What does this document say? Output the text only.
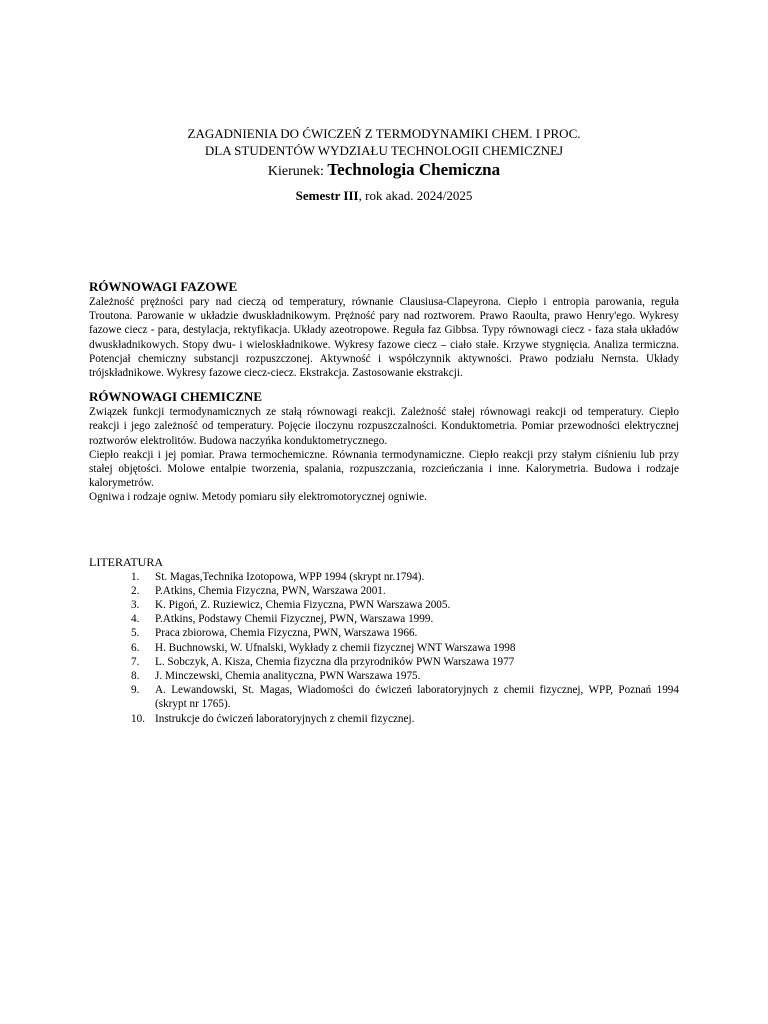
ZAGADNIENIA DO ĆWICZEŃ Z TERMODYNAMIKI CHEM. I PROC.
DLA STUDENTÓW WYDZIAŁU TECHNOLOGII CHEMICZNEJ
Kierunek: Technologia Chemiczna
Semestr III, rok akad. 2024/2025

RÓWNOWAGI FAZOWE

Zależność prężności pary nad cieczą od temperatury, równanie Clausiusa-Clapeyrona. Ciepło i entropia parowania, reguła Troutona. Parowanie w układzie dwuskładnikowym. Prężność pary nad roztworem. Prawo Raoulta, prawo Henry'ego. Wykresy fazowe ciecz - para, destylacja, rektyfikacja. Układy azeotropowe. Reguła faz Gibbsa. Typy równowagi ciecz - faza stała układów dwuskładnikowych. Stopy dwu- i wieloskładnikowe. Wykresy fazowe ciecz – ciało stałe. Krzywe stygnięcia. Analiza termiczna. Potencjał chemiczny substancji rozpuszczonej. Aktywność i współczynnik aktywności. Prawo podziału Nernsta. Układy trójskładnikowe. Wykresy fazowe ciecz-ciecz. Ekstrakcja. Zastosowanie ekstrakcji.

RÓWNOWAGI CHEMICZNE

Związek funkcji termodynamicznych ze stałą równowagi reakcji. Zależność stałej równowagi reakcji od temperatury. Ciepło reakcji i jego zależność od temperatury. Pojęcie iloczynu rozpuszczalności. Konduktometria. Pomiar przewodności elektrycznej roztworów elektrolitów. Budowa naczyńka konduktometrycznego.

Ciepło reakcji i jej pomiar. Prawa termochemiczne. Równania termodynamiczne. Ciepło reakcji przy stałym ciśnieniu lub przy stałej objętości. Molowe entalpie tworzenia, spalania, rozpuszczania, rozcieńczania i inne. Kalorymetria. Budowa i rodzaje kalorymetrów.

Ogniwa i rodzaje ogniw. Metody pomiaru siły elektromotorycznej ogniwie.

LITERATURA
1. St. Magas,Technika Izotopowa, WPP 1994 (skrypt nr.1794).
2. P.Atkins, Chemia Fizyczna, PWN, Warszawa 2001.
3. K. Pigoń, Z. Ruziewicz, Chemia Fizyczna, PWN Warszawa 2005.
4. P.Atkins, Podstawy Chemii Fizycznej, PWN, Warszawa 1999.
5. Praca zbiorowa, Chemia Fizyczna, PWN, Warszawa 1966.
6. H. Buchnowski, W. Ufnalski, Wykłady z chemii fizycznej WNT Warszawa 1998
7. L. Sobczyk, A. Kisza, Chemia fizyczna dla przyrodników PWN Warszawa 1977
8. J. Minczewski, Chemia analityczna, PWN Warszawa 1975.
9. A. Lewandowski, St. Magas, Wiadomości do ćwiczeń laboratoryjnych z chemii fizycznej, WPP, Poznań 1994 (skrypt nr 1765).
10. Instrukcje do ćwiczeń laboratoryjnych z chemii fizycznej.
